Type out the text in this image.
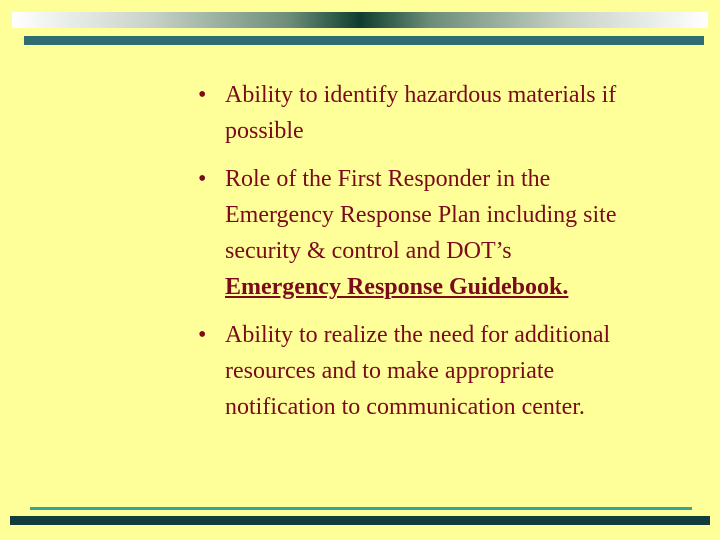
• Ability to identify hazardous materials if possible
• Role of the First Responder in the Emergency Response Plan including site security & control and DOT’s Emergency Response Guidebook.
• Ability to realize the need for additional resources and to make appropriate notification to communication center.
